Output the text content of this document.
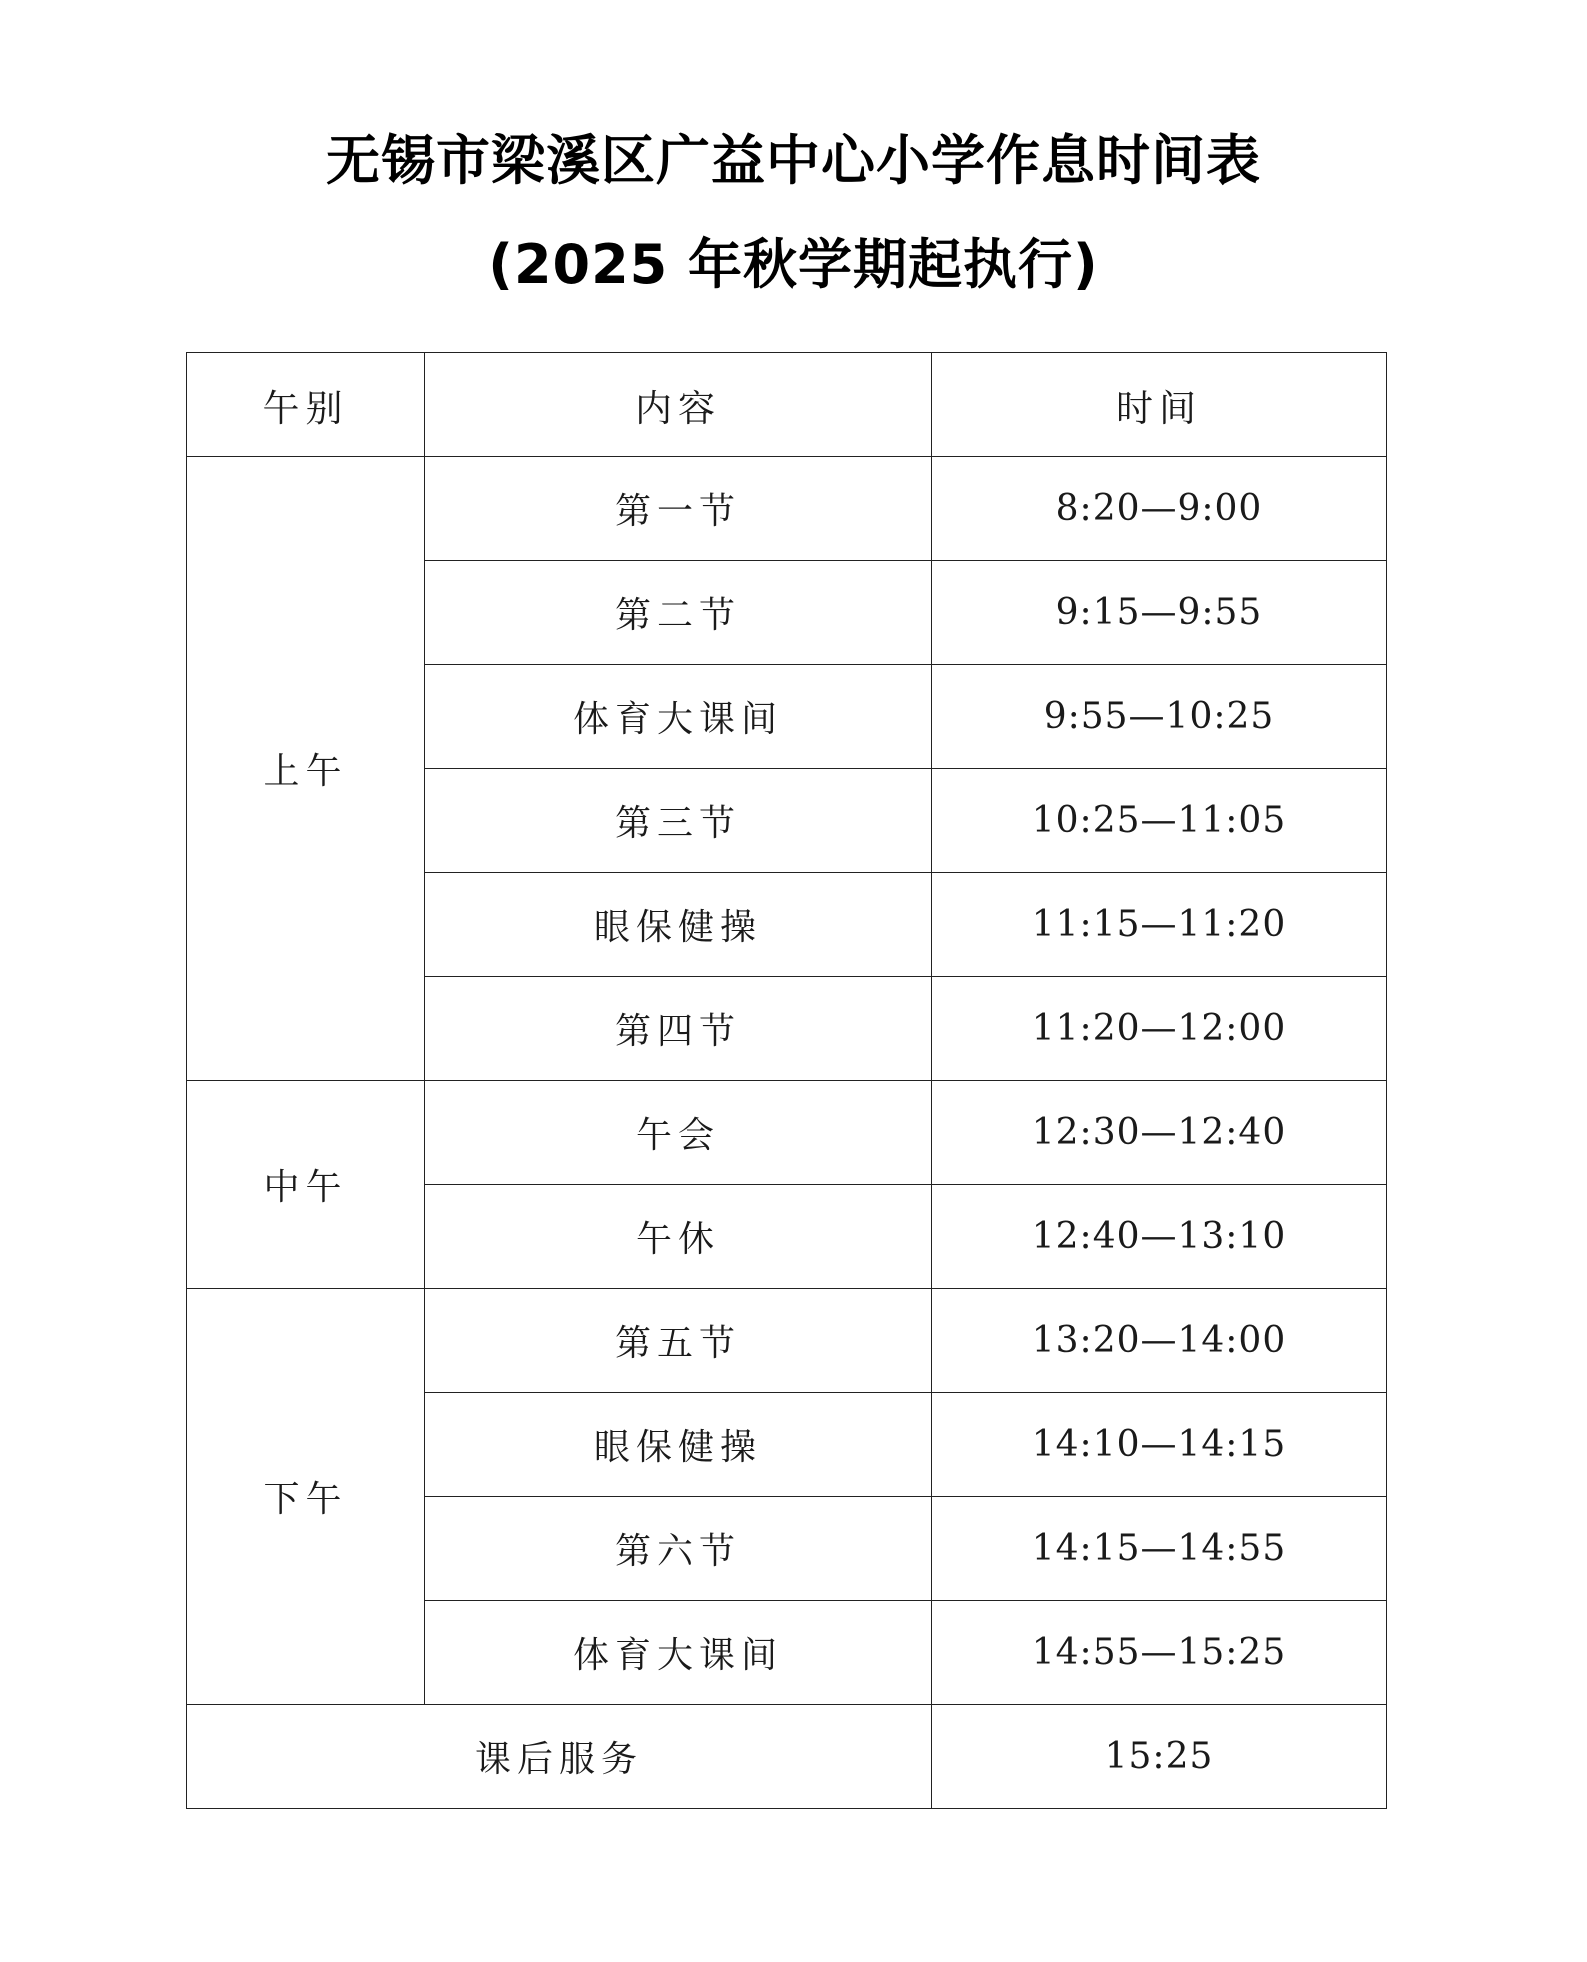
无锡市梁溪区广益中心小学作息时间表
(2025 年秋学期起执行)
午别	内容	时间
上午	第一节	8:20—9:00
	第二节	9:15—9:55
	体育大课间	9:55—10:25
	第三节	10:25—11:05
	眼保健操	11:15—11:20
	第四节	11:20—12:00
中午	午会	12:30—12:40
	午休	12:40—13:10
下午	第五节	13:20—14:00
	眼保健操	14:10—14:15
	第六节	14:15—14:55
	体育大课间	14:55—15:25
课后服务		15:25
